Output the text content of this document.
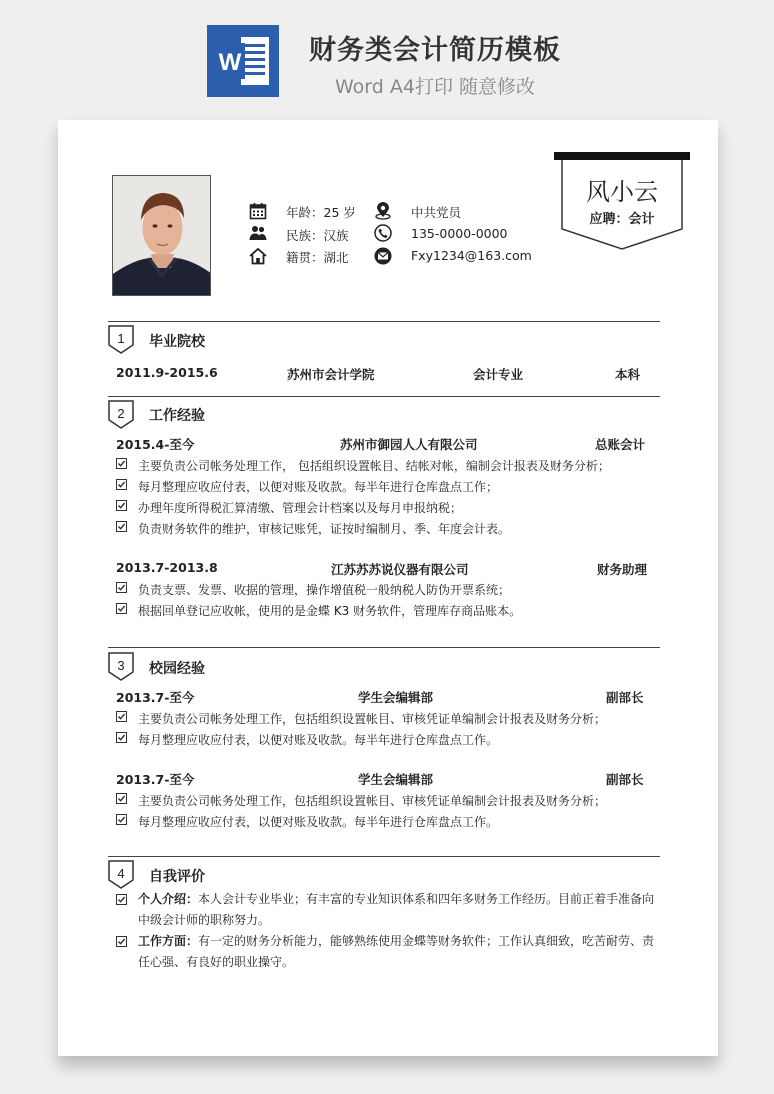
W	财务类会计简历模板
Word A4打印 随意修改
年龄：25 岁
民族：汉族
籍贯：湖北
中共党员
135-0000-0000
Fxy1234@163.com
风小云
应聘：会计
1 毕业院校
2011.9-2015.6	苏州市会计学院	会计专业	本科
2 工作经验
2015.4-至今	苏州市御园人人有限公司	总账会计
主要负责公司帐务处理工作， 包括组织设置帐目、结帐对帐，编制会计报表及财务分析；
每月整理应收应付表，以便对账及收款。每半年进行仓库盘点工作；
办理年度所得税汇算清缴、管理会计档案以及每月申报纳税；
负责财务软件的维护，审核记账凭，证按时编制月、季、年度会计表。
2013.7-2013.8	江苏苏苏说仪器有限公司	财务助理
负责支票、发票、收据的管理，操作增值税一般纳税人防伪开票系统；
根据回单登记应收帐，使用的是金蝶 K3 财务软件，管理库存商品账本。
3 校园经验
2013.7-至今	学生会编辑部	副部长
主要负责公司帐务处理工作，包括组织设置帐目、审核凭证单编制会计报表及财务分析；
每月整理应收应付表，以便对账及收款。每半年进行仓库盘点工作。
2013.7-至今	学生会编辑部	副部长
主要负责公司帐务处理工作，包括组织设置帐目、审核凭证单编制会计报表及财务分析；
每月整理应收应付表，以便对账及收款。每半年进行仓库盘点工作。
4 自我评价
个人介绍：本人会计专业毕业；有丰富的专业知识体系和四年多财务工作经历。目前正着手准备向中级会计师的职称努力。
工作方面：有一定的财务分析能力，能够熟练使用金蝶等财务软件；工作认真细致，吃苦耐劳、责任心强、有良好的职业操守。
